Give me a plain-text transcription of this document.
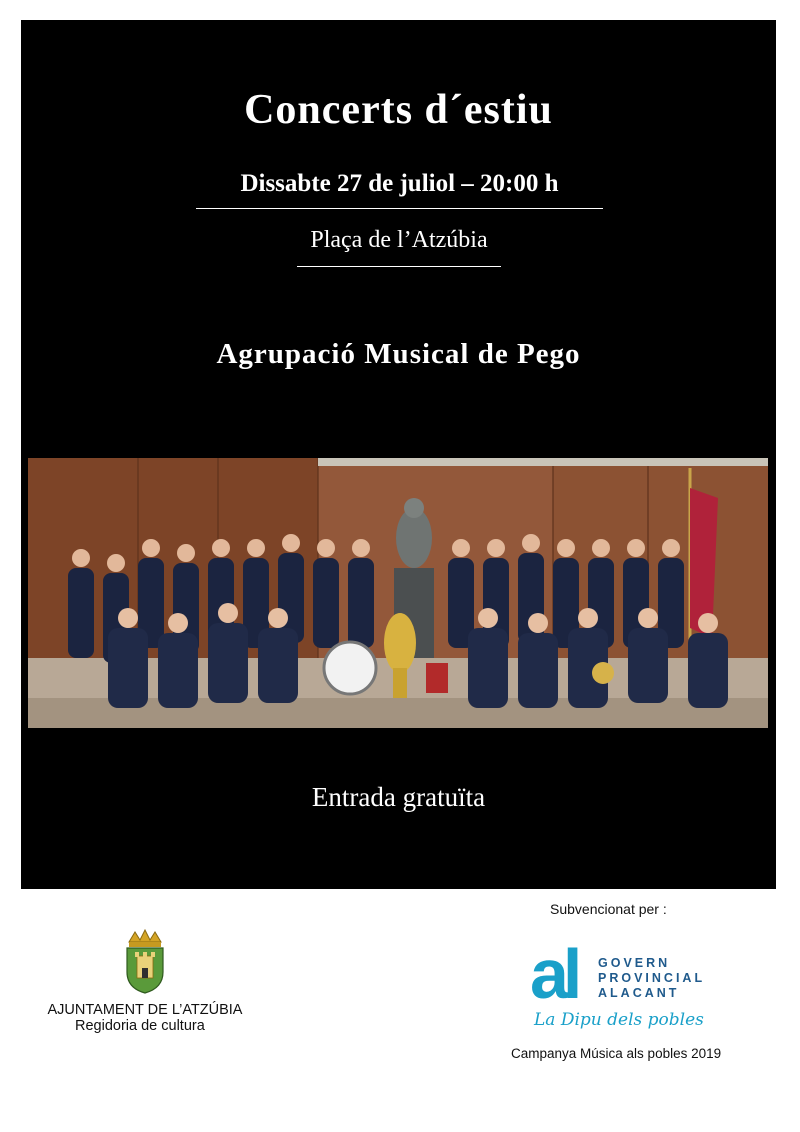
Concerts d´estiu
Dissabte 27 de juliol – 20:00 h
Plaça de l’Atzúbia
Agrupació Musical de Pego
Entrada gratuïta
AJUNTAMENT DE L’ATZÚBIA
Regidoria de cultura
Subvencionat per :
al GOVERN
PROVINCIAL
ALACANT
La Dipu dels pobles
Campanya Música als pobles 2019
